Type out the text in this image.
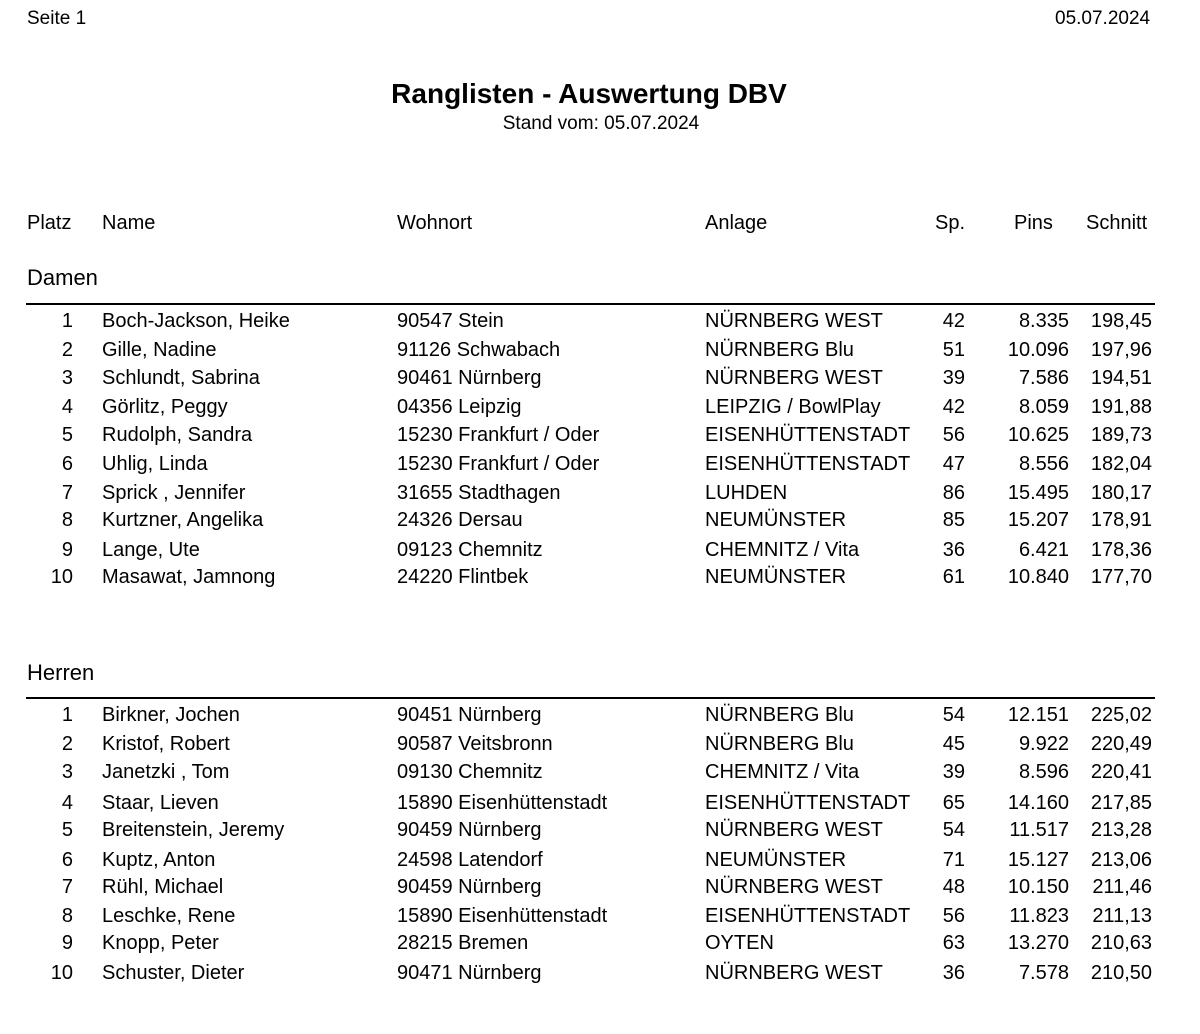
Seite 1	05.07.2024
Ranglisten - Auswertung DBV
Stand vom: 05.07.2024
Platz Name	Wohnort	Anlage	Sp. Pins Schnitt
Damen
1 Boch-Jackson, Heike	90547 Stein	NÜRNBERG WEST	42	8.335	198,45
2 Gille, Nadine	91126 Schwabach	NÜRNBERG Blu	51	10.096	197,96
3 Schlundt, Sabrina	90461 Nürnberg	NÜRNBERG WEST	39	7.586	194,51
4 Görlitz, Peggy	04356 Leipzig	LEIPZIG / BowlPlay	42	8.059	191,88
5 Rudolph, Sandra	15230 Frankfurt / Oder	EISENHÜTTENSTADT	56	10.625	189,73
6 Uhlig, Linda	15230 Frankfurt / Oder	EISENHÜTTENSTADT	47	8.556	182,04
7 Sprick , Jennifer	31655 Stadthagen	LUHDEN	86	15.495	180,17
8 Kurtzner, Angelika	24326 Dersau	NEUMÜNSTER	85	15.207	178,91
9 Lange, Ute	09123 Chemnitz	CHEMNITZ / Vita	36	6.421	178,36
10 Masawat, Jamnong	24220 Flintbek	NEUMÜNSTER	61	10.840	177,70
Herren
1 Birkner, Jochen	90451 Nürnberg	NÜRNBERG Blu	54	12.151	225,02
2 Kristof, Robert	90587 Veitsbronn	NÜRNBERG Blu	45	9.922	220,49
3 Janetzki , Tom	09130 Chemnitz	CHEMNITZ / Vita	39	8.596	220,41
4 Staar, Lieven	15890 Eisenhüttenstadt	EISENHÜTTENSTADT	65	14.160	217,85
5 Breitenstein, Jeremy	90459 Nürnberg	NÜRNBERG WEST	54	11.517	213,28
6 Kuptz, Anton	24598 Latendorf	NEUMÜNSTER	71	15.127	213,06
7 Rühl, Michael	90459 Nürnberg	NÜRNBERG WEST	48	10.150	211,46
8 Leschke, Rene	15890 Eisenhüttenstadt	EISENHÜTTENSTADT	56	11.823	211,13
9 Knopp, Peter	28215 Bremen	OYTEN	63	13.270	210,63
10 Schuster, Dieter	90471 Nürnberg	NÜRNBERG WEST	36	7.578	210,50
